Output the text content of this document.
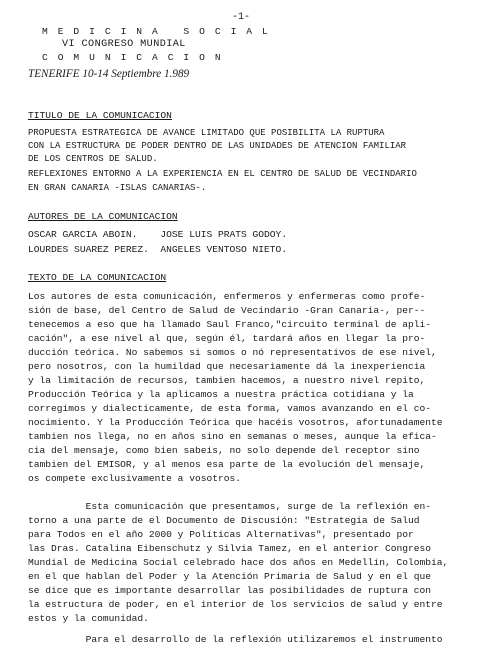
-1-
M E D I C I N A   S O C I A L
VI CONGRESO MUNDIAL
C O M U N I C A C I O N
TENERIFE 10-14 Septiembre 1.989
TITULO DE LA COMUNICACION
PROPUESTA ESTRATEGICA DE AVANCE LIMITADO QUE POSIBILITA LA RUPTURA
CON LA ESTRUCTURA DE PODER DENTRO DE LAS UNIDADES DE ATENCION FAMILIAR
DE LOS CENTROS DE SALUD.
REFLEXIONES ENTORNO A LA EXPERIENCIA EN EL CENTRO DE SALUD DE VECINDARIO
EN GRAN CANARIA -ISLAS CANARIAS-.
AUTORES DE LA COMUNICACION
OSCAR GARCIA ABOIN.    JOSE LUIS PRATS GODOY.
LOURDES SUAREZ PEREZ.  ANGELES VENTOSO NIETO.
TEXTO DE LA COMUNICACION
Los autores de esta comunicación, enfermeros y enfermeras como profe-
sión de base, del Centro de Salud de Vecindario -Gran Canaria-, per--
tenecemos a eso que ha llamado Saul Franco,"circuito terminal de apli-
cación", a ese nivel al que, según él, tardará años en llegar la pro-
ducción teórica. No sabemos si somos o nó representativos de ese nivel,
pero nosotros, con la humildad que necesariamente dá la inexperiencia
y la limitación de recursos, tambien hacemos, a nuestro nivel repito,
Producción Teórica y la aplicamos a nuestra práctica cotidiana y la
corregimos y dialecticamente, de esta forma, vamos avanzando en el co-
nocimiento. Y la Producción Teórica que hacéis vosotros, afortunadamente
tambien nos llega, no en años sino en semanas o meses, aunque la efica-
cia del mensaje, como bien sabeis, no solo depende del receptor sino
tambien del EMISOR, y al menos esa parte de la evolución del mensaje,
os compete exclusivamente a vosotros.
Esta comunicación que presentamos, surge de la reflexión en-
torno a una parte de el Documento de Discusión: "Estrategia de Salud
para Todos en el año 2000 y Políticas Alternativas", presentado por
las Dras. Catalina Eibenschutz y Silvia Tamez, en el anterior Congreso
Mundial de Medicina Social celebrado hace dos años en Medellín, Colombia,
en el que hablan del Poder y la Atención Primaria de Salud y en el que
se dice que es importante desarrollar las posibilidades de ruptura con
la estructura de poder, en el interior de los servicios de salud y entre
estos y la comunidad.
Para el desarrollo de la reflexión utilizaremos el instrumento
